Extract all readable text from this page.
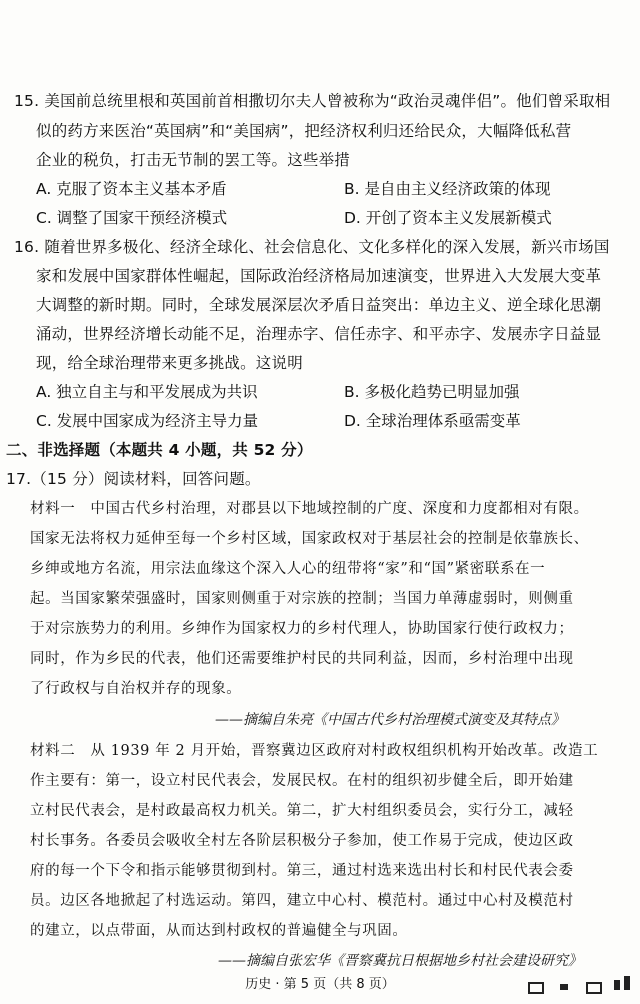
15. 美国前总统里根和英国前首相撒切尔夫人曾被称为“政治灵魂伴侣”。他们曾采取相
似的药方来医治“英国病”和“美国病”，把经济权利归还给民众，大幅降低私营
企业的税负，打击无节制的罢工等。这些举措
A. 克服了资本主义基本矛盾	B. 是自由主义经济政策的体现
C. 调整了国家干预经济模式	D. 开创了资本主义发展新模式
16. 随着世界多极化、经济全球化、社会信息化、文化多样化的深入发展，新兴市场国
家和发展中国家群体性崛起，国际政治经济格局加速演变，世界进入大发展大变革
大调整的新时期。同时，全球发展深层次矛盾日益突出：单边主义、逆全球化思潮
涌动，世界经济增长动能不足，治理赤字、信任赤字、和平赤字、发展赤字日益显
现，给全球治理带来更多挑战。这说明
A. 独立自主与和平发展成为共识	B. 多极化趋势已明显加强
C. 发展中国家成为经济主导力量	D. 全球治理体系亟需变革
二、非选择题（本题共 4 小题，共 52 分）
17.（15 分）阅读材料，回答问题。
材料一　中国古代乡村治理，对郡县以下地域控制的广度、深度和力度都相对有限。
国家无法将权力延伸至每一个乡村区域，国家政权对于基层社会的控制是依靠族长、
乡绅或地方名流，用宗法血缘这个深入人心的纽带将“家”和“国”紧密联系在一
起。当国家繁荣强盛时，国家则侧重于对宗族的控制；当国力单薄虚弱时，则侧重
于对宗族势力的利用。乡绅作为国家权力的乡村代理人，协助国家行使行政权力；
同时，作为乡民的代表，他们还需要维护村民的共同利益，因而，乡村治理中出现
了行政权与自治权并存的现象。
——摘编自朱亮《中国古代乡村治理模式演变及其特点》
材料二　从 1939 年 2 月开始，晋察冀边区政府对村政权组织机构开始改革。改造工
作主要有：第一，设立村民代表会，发展民权。在村的组织初步健全后，即开始建
立村民代表会，是村政最高权力机关。第二，扩大村组织委员会，实行分工，减轻
村长事务。各委员会吸收全村左各阶层积极分子参加，使工作易于完成，使边区政
府的每一个下令和指示能够贯彻到村。第三，通过村选来选出村长和村民代表会委
员。边区各地掀起了村选运动。第四，建立中心村、模范村。通过中心村及模范村
的建立，以点带面，从而达到村政权的普遍健全与巩固。
——摘编自张宏华《晋察冀抗日根据地乡村社会建设研究》
历史 · 第 5 页（共 8 页）
